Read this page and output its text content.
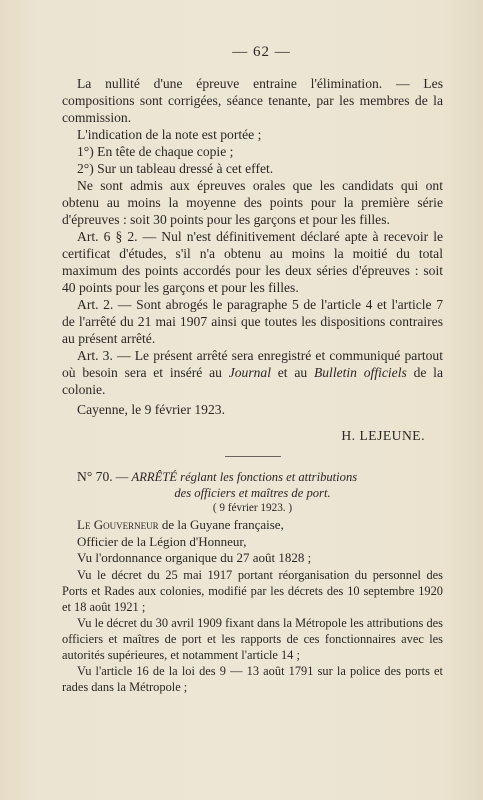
— 62 —

La nullité d'une épreuve entraine l'élimination. — Les compositions sont corrigées, séance tenante, par les membres de la commission.

L'indication de la note est portée ;

1°) En tête de chaque copie ;

2°) Sur un tableau dressé à cet effet.

Ne sont admis aux épreuves orales que les candidats qui ont obtenu au moins la moyenne des points pour la première série d'épreuves : soit 30 points pour les garçons et pour les filles.

Art. 6 § 2. — Nul n'est définitivement déclaré apte à recevoir le certificat d'études, s'il n'a obtenu au moins la moitié du total maximum des points accordés pour les deux séries d'épreuves : soit 40 points pour les garçons et pour les filles.

Art. 2. — Sont abrogés le paragraphe 5 de l'article 4 et l'article 7 de l'arrêté du 21 mai 1907 ainsi que toutes les dispositions contraires au présent arrêté.

Art. 3. — Le présent arrêté sera enregistré et communiqué partout où besoin sera et inséré au Journal et au Bulletin officiels de la colonie.

Cayenne, le 9 février 1923.

H. LEJEUNE.

N° 70. — ARRÊTÉ réglant les fonctions et attributions

des officiers et maîtres de port.

( 9 février 1923. )

Le Gouverneur de la Guyane française,

Officier de la Légion d'Honneur,

Vu l'ordonnance organique du 27 août 1828 ;

Vu le décret du 25 mai 1917 portant réorganisation du personnel des Ports et Rades aux colonies, modifié par les décrets des 10 septembre 1920 et 18 août 1921 ;

Vu le décret du 30 avril 1909 fixant dans la Métropole les attributions des officiers et maîtres de port et les rapports de ces fonctionnaires avec les autorités supérieures, et notamment l'article 14 ;

Vu l'article 16 de la loi des 9 — 13 août 1791 sur la police des ports et rades dans la Métropole ;
